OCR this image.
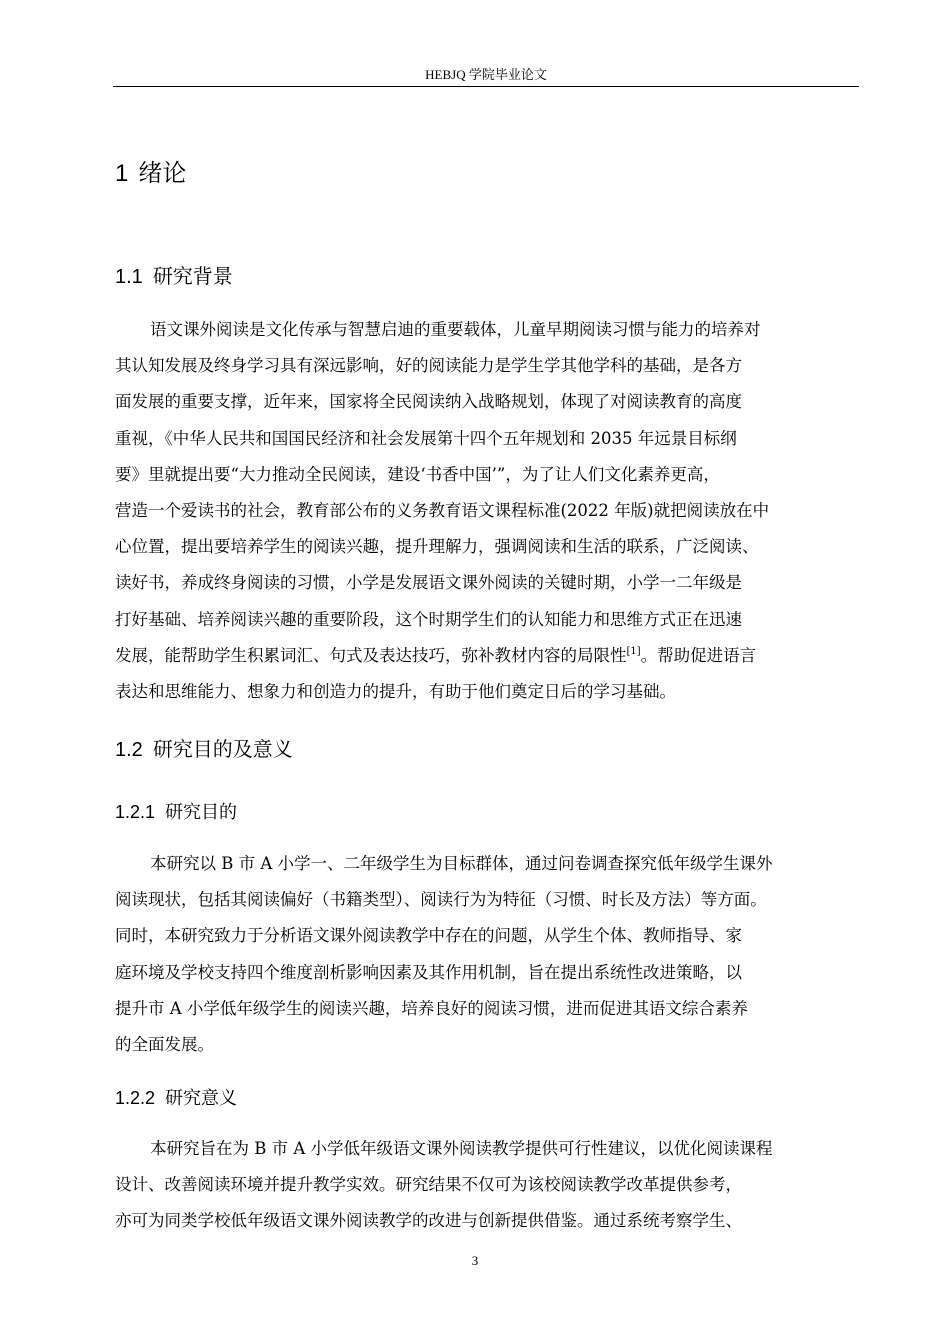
HEBJQ 学院毕业论文
1 绪论
1.1 研究背景
语文课外阅读是文化传承与智慧启迪的重要载体，儿童早期阅读习惯与能力的培养对
其认知发展及终身学习具有深远影响，好的阅读能力是学生学其他学科的基础，是各方
面发展的重要支撑，近年来，国家将全民阅读纳入战略规划，体现了对阅读教育的高度
重视，《中华人民共和国国民经济和社会发展第十四个五年规划和 2035 年远景目标纲
要》里就提出要“大力推动全民阅读，建设‘书香中国’”，为了让人们文化素养更高，
营造一个爱读书的社会，教育部公布的义务教育语文课程标准(2022 年版)就把阅读放在中
心位置，提出要培养学生的阅读兴趣，提升理解力，强调阅读和生活的联系，广泛阅读、
读好书，养成终身阅读的习惯，小学是发展语文课外阅读的关键时期，小学一二年级是
打好基础、培养阅读兴趣的重要阶段，这个时期学生们的认知能力和思维方式正在迅速
发展，能帮助学生积累词汇、句式及表达技巧，弥补教材内容的局限性[1]。帮助促进语言
表达和思维能力、想象力和创造力的提升，有助于他们奠定日后的学习基础。
1.2 研究目的及意义
1.2.1 研究目的
本研究以 B 市 A 小学一、二年级学生为目标群体，通过问卷调查探究低年级学生课外
阅读现状，包括其阅读偏好（书籍类型）、阅读行为为特征（习惯、时长及方法）等方面。
同时，本研究致力于分析语文课外阅读教学中存在的问题，从学生个体、教师指导、家
庭环境及学校支持四个维度剖析影响因素及其作用机制，旨在提出系统性改进策略，以
提升市 A 小学低年级学生的阅读兴趣，培养良好的阅读习惯，进而促进其语文综合素养
的全面发展。
1.2.2 研究意义
本研究旨在为 B 市 A 小学低年级语文课外阅读教学提供可行性建议，以优化阅读课程
设计、改善阅读环境并提升教学实效。研究结果不仅可为该校阅读教学改革提供参考，
亦可为同类学校低年级语文课外阅读教学的改进与创新提供借鉴。通过系统考察学生、
3
